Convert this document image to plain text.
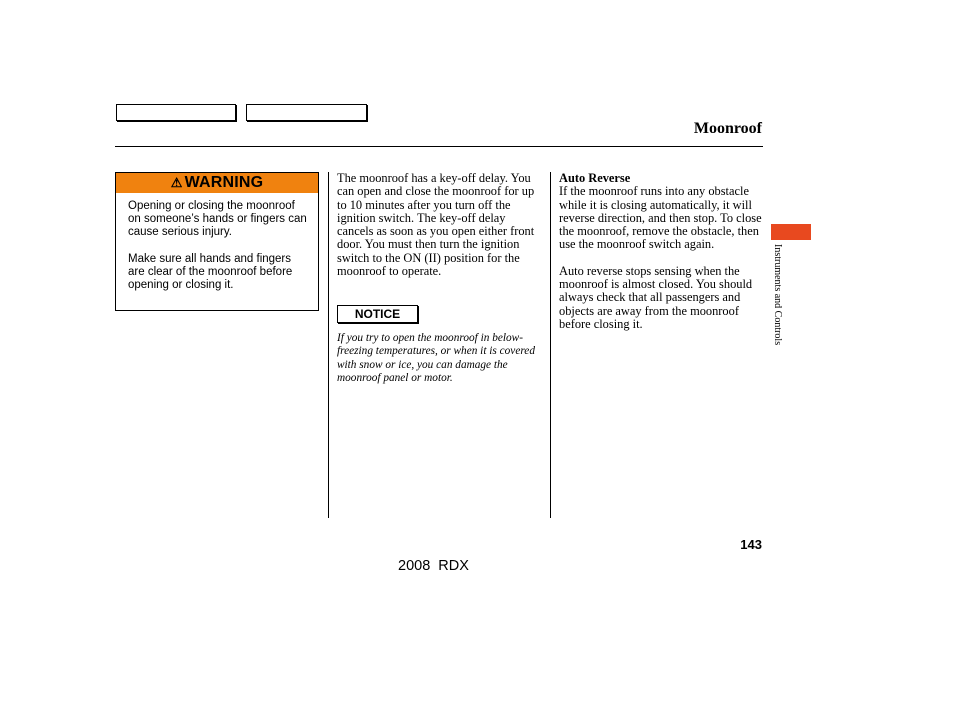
Moonroof
⚠ WARNING

Opening or closing the moonroof on someone’s hands or fingers can cause serious injury.

Make sure all hands and fingers are clear of the moonroof before opening or closing it.

The moonroof has a key-off delay. You can open and close the moonroof for up to 10 minutes after you turn off the ignition switch. The key-off delay cancels as soon as you open either front door. You must then turn the ignition switch to the ON (II) position for the moonroof to operate.

NOTICE
If you try to open the moonroof in below-freezing temperatures, or when it is covered with snow or ice, you can damage the moonroof panel or motor.

Auto Reverse

If the moonroof runs into any obstacle while it is closing automatically, it will reverse direction, and then stop. To close the moonroof, remove the obstacle, then use the moonroof switch again.

Auto reverse stops sensing when the moonroof is almost closed. You should always check that all passengers and objects are away from the moonroof before closing it.	Instruments and Controls
143
2008 RDX
